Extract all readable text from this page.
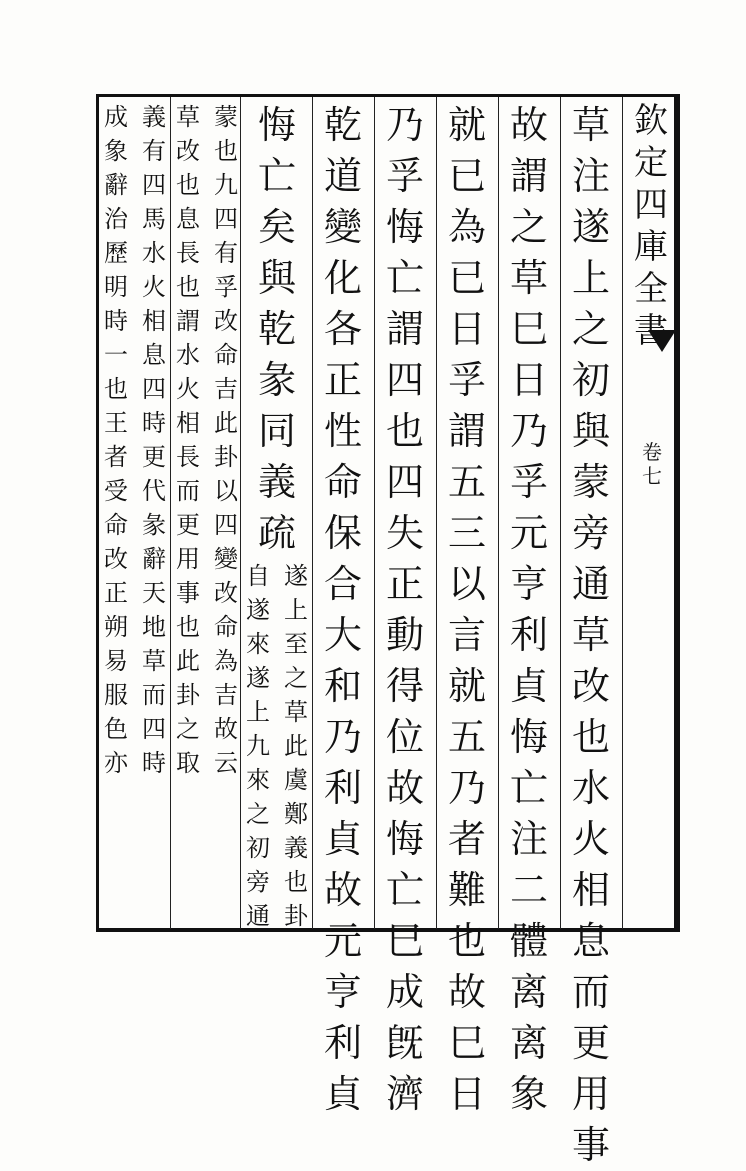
欽
定
四
庫
全
書
卷
七
草
注
遂
上
之
初
與
蒙
旁
通
草
改
也
水
火
相
息
而
更
用
事
故
謂
之
草
巳
日
乃
孚
元
亨
利
貞
悔
亡
注
二
體
离
离
象
就
已
為
已
日
孚
謂
五
三
以
言
就
五
乃
者
難
也
故
巳
日
乃
孚
悔
亡
謂
四
也
四
失
正
動
得
位
故
悔
亡
巳
成
旣
濟
乾
道
變
化
各
正
性
命
保
合
大
和
乃
利
貞
故
元
亨
利
貞
悔
亡
矣
與
乾
彖
同
義
疏
遂
上
至
之
草
此
虞
鄭
義
也
卦
自
遂
來
遂
上
九
來
之
初
旁
通
蒙
也
九
四
有
孚
改
命
吉
此
卦
以
四
變
改
命
為
吉
故
云
草
改
也
息
長
也
謂
水
火
相
長
而
更
用
事
也
此
卦
之
取
義
有
四
馬
水
火
相
息
四
時
更
代
彖
辭
天
地
草
而
四
時
成
象
辭
治
歷
明
時
一
也
王
者
受
命
改
正
朔
易
服
色
亦
